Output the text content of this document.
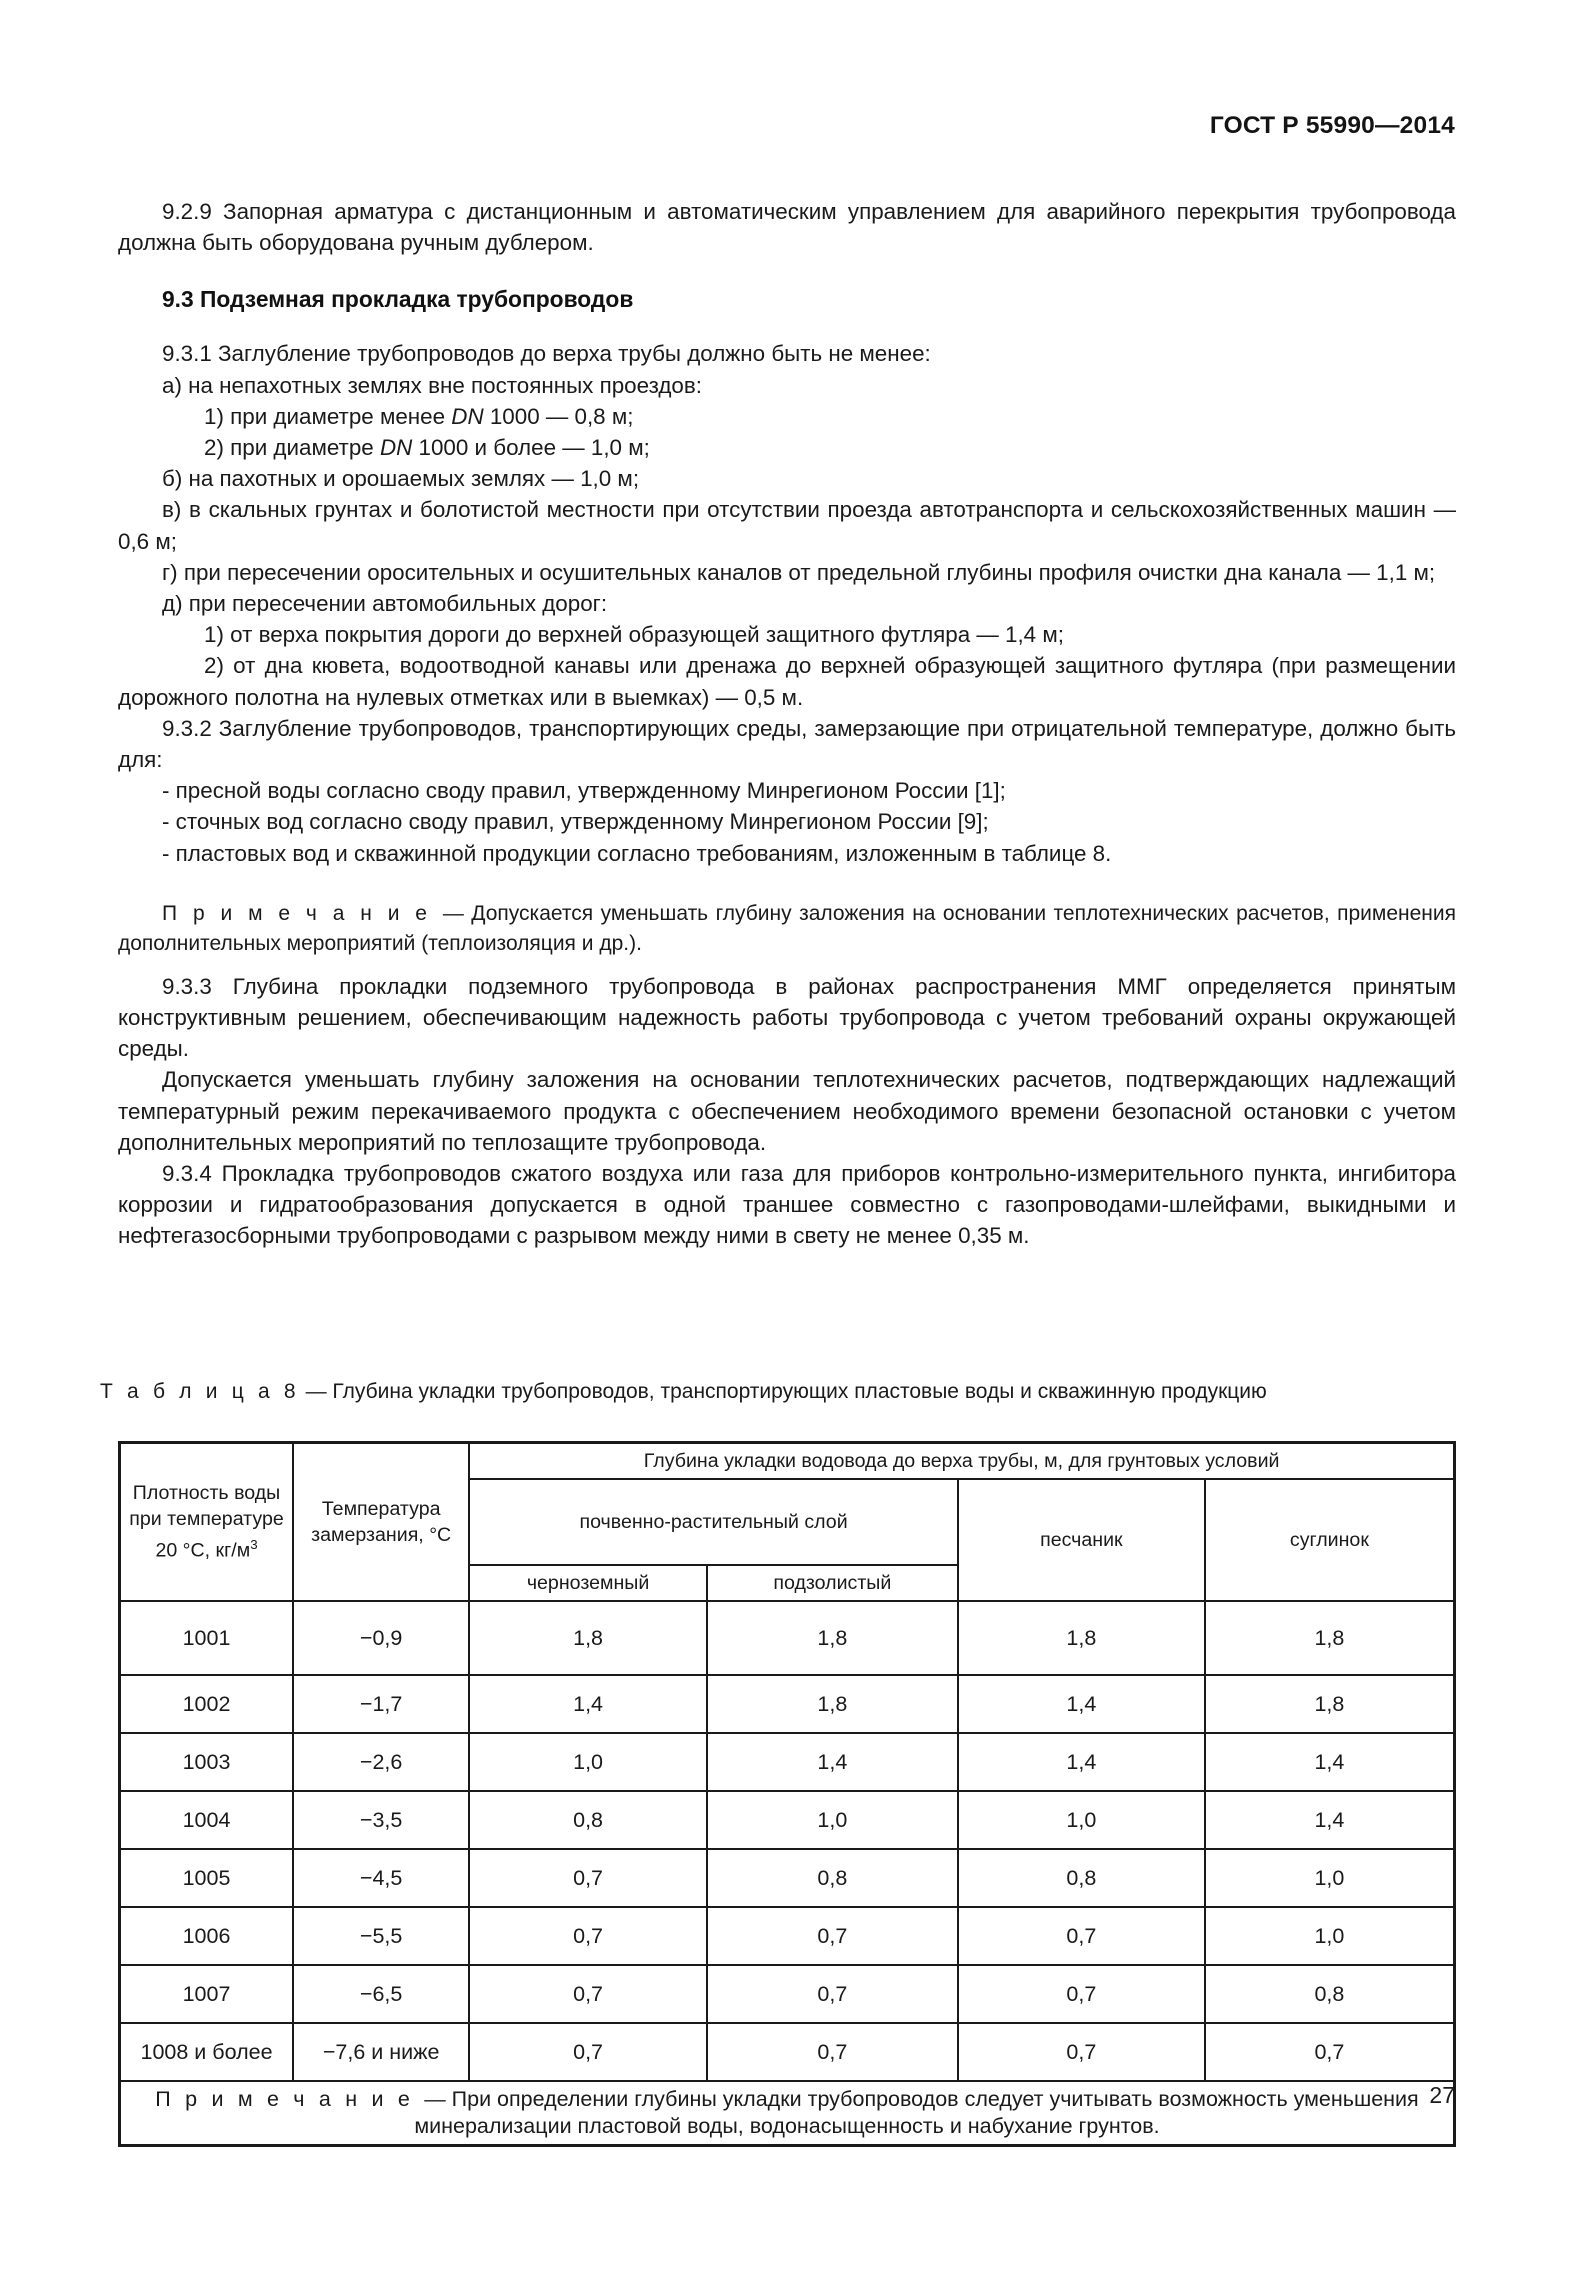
ГОСТ Р 55990—2014

9.2.9 Запорная арматура с дистанционным и автоматическим управлением для аварийного перекрытия трубопровода должна быть оборудована ручным дублером.

9.3 Подземная прокладка трубопроводов

9.3.1 Заглубление трубопроводов до верха трубы должно быть не менее:

а) на непахотных землях вне постоянных проездов:

1) при диаметре менее DN 1000 — 0,8 м;

2) при диаметре DN 1000 и более — 1,0 м;

б) на пахотных и орошаемых землях — 1,0 м;

в) в скальных грунтах и болотистой местности при отсутствии проезда автотранспорта и сельскохозяйственных машин — 0,6 м;

г) при пересечении оросительных и осушительных каналов от предельной глубины профиля очистки дна канала — 1,1 м;

д) при пересечении автомобильных дорог:

1) от верха покрытия дороги до верхней образующей защитного футляра — 1,4 м;

2) от дна кювета, водоотводной канавы или дренажа до верхней образующей защитного футляра (при размещении дорожного полотна на нулевых отметках или в выемках) — 0,5 м.

9.3.2 Заглубление трубопроводов, транспортирующих среды, замерзающие при отрицательной температуре, должно быть для:

- пресной воды согласно своду правил, утвержденному Минрегионом России [1];

- сточных вод согласно своду правил, утвержденному Минрегионом России [9];

- пластовых вод и скважинной продукции согласно требованиям, изложенным в таблице 8.

П р и м е ч а н и е — Допускается уменьшать глубину заложения на основании теплотехнических расчетов, применения дополнительных мероприятий (теплоизоляция и др.).

9.3.3 Глубина прокладки подземного трубопровода в районах распространения ММГ определяется принятым конструктивным решением, обеспечивающим надежность работы трубопровода с учетом требований охраны окружающей среды.

Допускается уменьшать глубину заложения на основании теплотехнических расчетов, подтверждающих надлежащий температурный режим перекачиваемого продукта с обеспечением необходимого времени безопасной остановки с учетом дополнительных мероприятий по теплозащите трубопровода.

9.3.4 Прокладка трубопроводов сжатого воздуха или газа для приборов контрольно-измерительного пункта, ингибитора коррозии и гидратообразования допускается в одной траншее совместно с газопроводами-шлейфами, выкидными и нефтегазосборными трубопроводами с разрывом между ними в свету не менее 0,35 м.

Т а б л и ц а 8 — Глубина укладки трубопроводов, транспортирующих пластовые воды и скважинную продукцию
Плотность воды
при температуре
20 °C, $кг/м^3$

Температура
замерзания, °С
	Глубина укладки водовода до верха трубы, м, для грунтовых условий
		почвенно-растительный слой		песчаник	суглинок
		черноземный	подзолистый		
1001	−0,9	1,8	1,8	1,8	1,8
1002	−1,7	1,4	1,8	1,4	1,8
1003	−2,6	1,0	1,4	1,4	1,4
1004	−3,5	0,8	1,0	1,0	1,4
1005	−4,5	0,7	0,8	0,8	1,0
1006	−5,5	0,7	0,7	0,7	1,0
1007	−6,5	0,7	0,7	0,7	0,8
1008 и более	−7,6 и ниже	0,7	0,7	0,7	0,7
П р и м е ч а н и е — При определении глубины укладки трубопроводов следует учитывать возможность уменьшения минерализации пластовой воды, водонасыщенность и набухание грунтов.					
27
